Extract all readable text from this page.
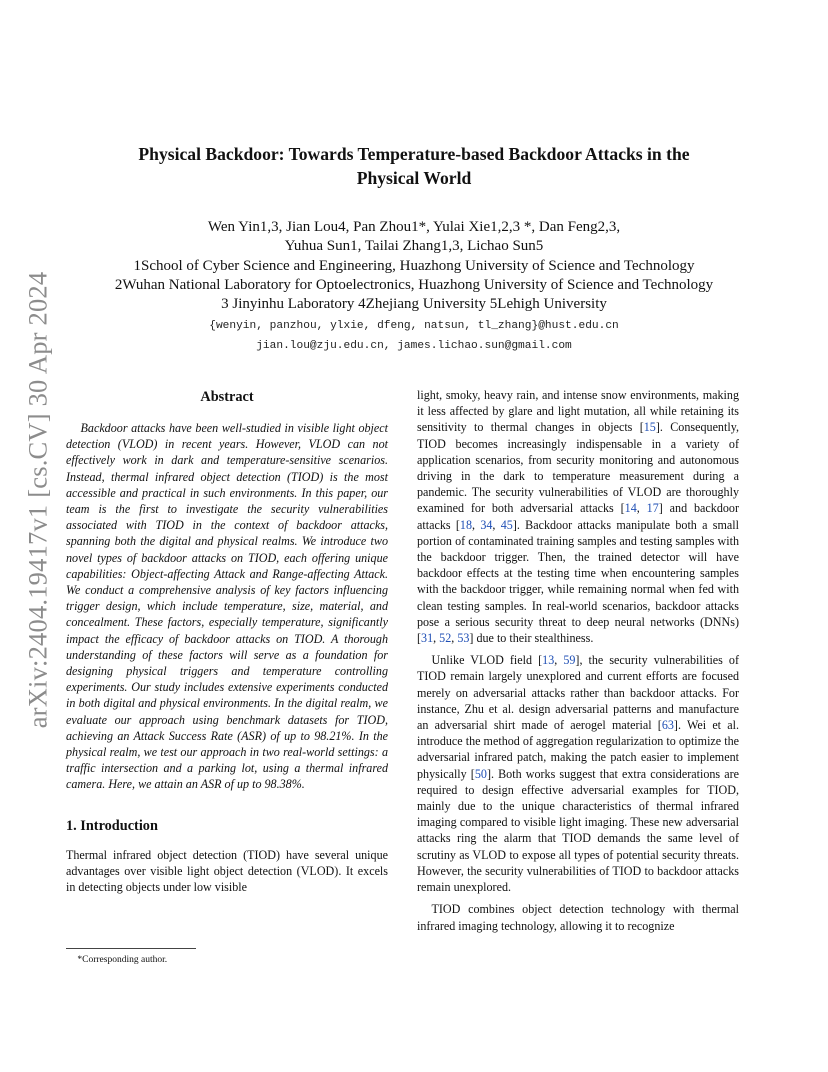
arXiv:2404.19417v1 [cs.CV] 30 Apr 2024
Physical Backdoor: Towards Temperature-based Backdoor Attacks in the
Physical World
Wen Yin1,3, Jian Lou4, Pan Zhou1*, Yulai Xie1,2,3 *, Dan Feng2,3,
Yuhua Sun1, Tailai Zhang1,3, Lichao Sun5
1School of Cyber Science and Engineering, Huazhong University of Science and Technology
2Wuhan National Laboratory for Optoelectronics, Huazhong University of Science and Technology
3 Jinyinhu Laboratory 4Zhejiang University 5Lehigh University
{wenyin, panzhou, ylxie, dfeng, natsun, tl_zhang}@hust.edu.cn
jian.lou@zju.edu.cn, james.lichao.sun@gmail.com
Abstract

Backdoor attacks have been well-studied in visible light object detection (VLOD) in recent years. However, VLOD can not effectively work in dark and temperature-sensitive scenarios. Instead, thermal infrared object detection (TIOD) is the most accessible and practical in such environments. In this paper, our team is the first to investigate the security vulnerabilities associated with TIOD in the context of backdoor attacks, spanning both the digital and physical realms. We introduce two novel types of backdoor attacks on TIOD, each offering unique capabilities: Object-affecting Attack and Range-affecting Attack. We conduct a comprehensive analysis of key factors influencing trigger design, which include temperature, size, material, and concealment. These factors, especially temperature, significantly impact the efficacy of backdoor attacks on TIOD. A thorough understanding of these factors will serve as a foundation for designing physical triggers and temperature controlling experiments. Our study includes extensive experiments conducted in both digital and physical environments. In the digital realm, we evaluate our approach using benchmark datasets for TIOD, achieving an Attack Success Rate (ASR) of up to 98.21%. In the physical realm, we test our approach in two real-world settings: a traffic intersection and a parking lot, using a thermal infrared camera. Here, we attain an ASR of up to 98.38%.

1. Introduction

Thermal infrared object detection (TIOD) have several unique advantages over visible light object detection (VLOD). It excels in detecting objects under low visible

light, smoky, heavy rain, and intense snow environments, making it less affected by glare and light mutation, all while retaining its sensitivity to thermal changes in objects [15]. Consequently, TIOD becomes increasingly indispensable in a variety of application scenarios, from security monitoring and autonomous driving in the dark to temperature measurement during a pandemic. The security vulnerabilities of VLOD are thoroughly examined for both adversarial attacks [14, 17] and backdoor attacks [18, 34, 45]. Backdoor attacks manipulate both a small portion of contaminated training samples and testing samples with the backdoor trigger. Then, the trained detector will have backdoor effects at the testing time when encountering samples with the backdoor trigger, while remaining normal when fed with clean testing samples. In real-world scenarios, backdoor attacks pose a serious security threat to deep neural networks (DNNs) [31, 52, 53] due to their stealthiness.

Unlike VLOD field [13, 59], the security vulnerabilities of TIOD remain largely unexplored and current efforts are focused merely on adversarial attacks rather than backdoor attacks. For instance, Zhu et al. design adversarial patterns and manufacture an adversarial shirt made of aerogel material [63]. Wei et al. introduce the method of aggregation regularization to optimize the adversarial infrared patch, making the patch easier to implement physically [50]. Both works suggest that extra considerations are required to design effective adversarial examples for TIOD, mainly due to the unique characteristics of thermal infrared imaging compared to visible light imaging. These new adversarial attacks ring the alarm that TIOD demands the same level of scrutiny as VLOD to expose all types of potential security threats. However, the security vulnerabilities of TIOD to backdoor attacks remain unexplored.

TIOD combines object detection technology with thermal infrared imaging technology, allowing it to recognize

*Corresponding author.
